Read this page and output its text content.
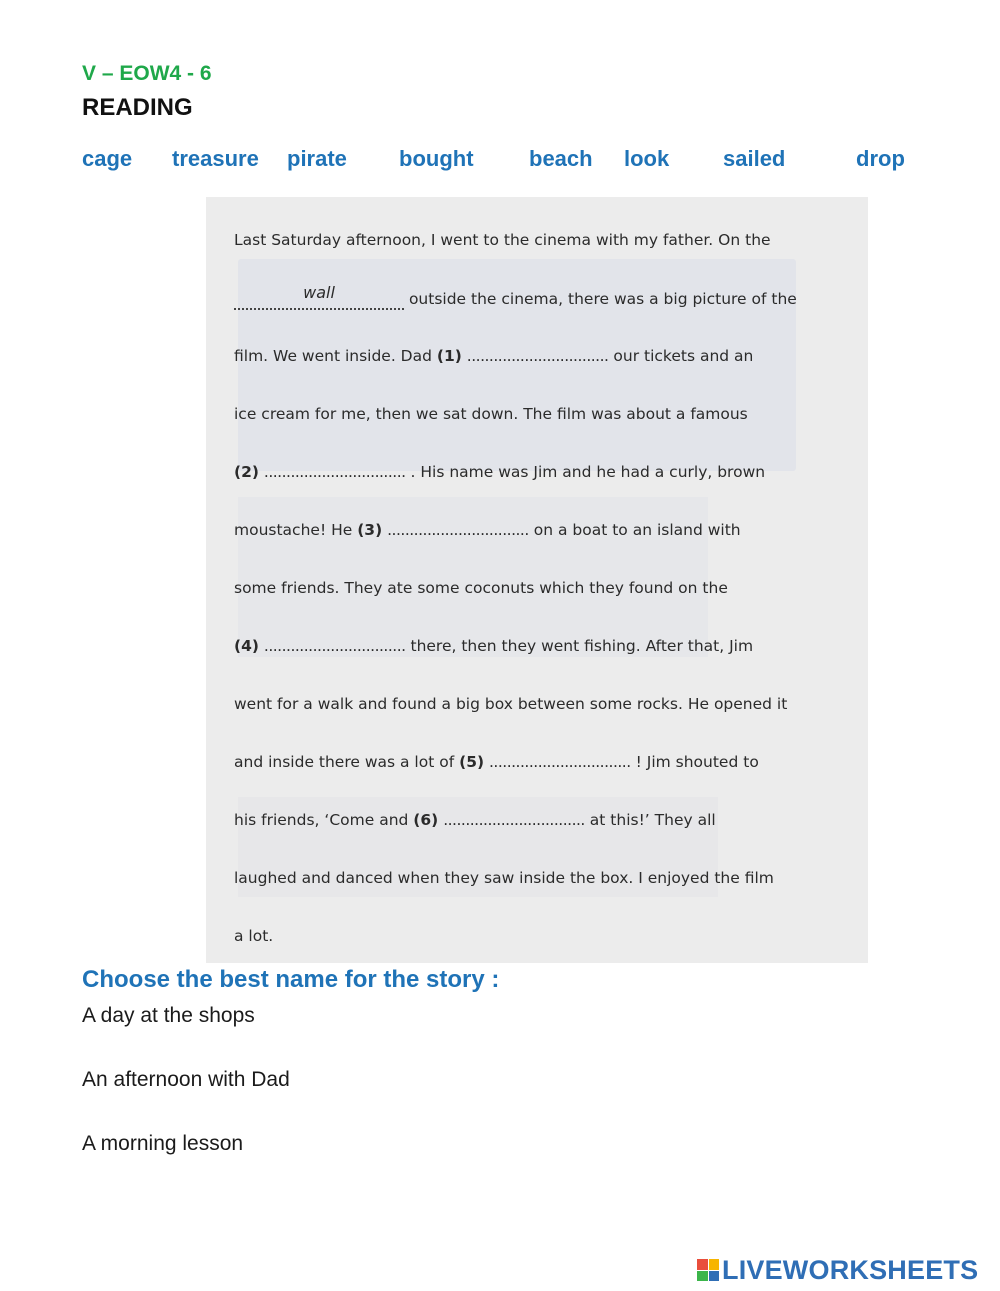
V – EOW4 - 6
READING
cage treasure pirate bought	beach look sailed	drop
Last Saturday afternoon, I went to the cinema with my father. On the
wall	outside the cinema, there was a big picture of the
film. We went inside. Dad (1) ................................ our tickets and an
ice cream for me, then we sat down. The film was about a famous
(2) ................................ . His name was Jim and he had a curly, brown
moustache! He (3) ................................ on a boat to an island with
some friends. They ate some coconuts which they found on the
(4) ................................ there, then they went fishing. After that, Jim
went for a walk and found a big box between some rocks. He opened it
and inside there was a lot of (5) ................................ ! Jim shouted to
his friends, ‘Come and (6) ................................ at this!’ They all
laughed and danced when they saw inside the box. I enjoyed the film
a lot.
Choose the best name for the story :
A day at the shops
An afternoon with Dad
A morning lesson
LIVEWORKSHEETS
